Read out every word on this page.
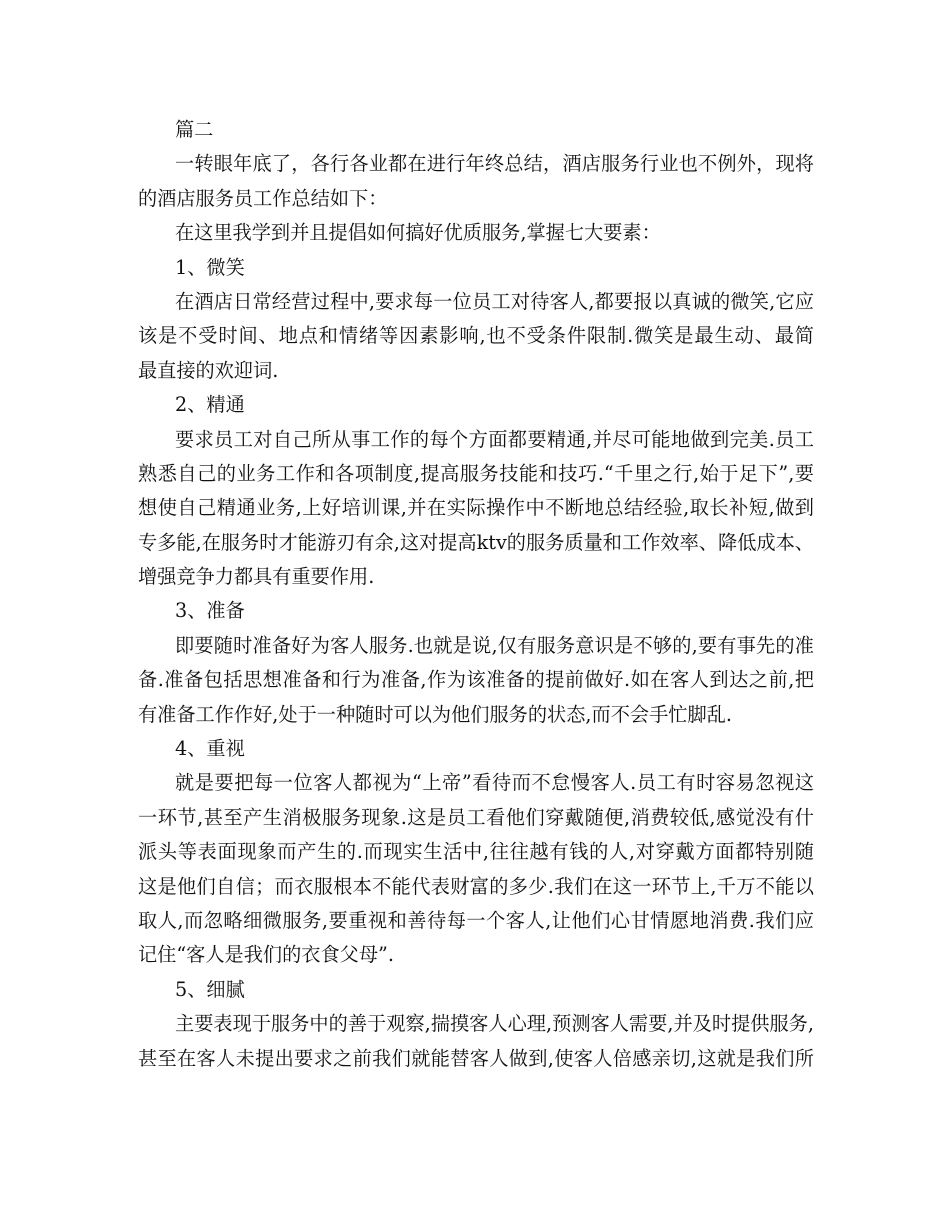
篇二
一转眼年底了，各行各业都在进行年终总结，酒店服务行业也不例外，现将
的酒店服务员工作总结如下：
在这里我学到并且提倡如何搞好优质服务,掌握七大要素：
1、微笑
在酒店日常经营过程中,要求每一位员工对待客人,都要报以真诚的微笑,它应
该是不受时间、地点和情绪等因素影响,也不受条件限制.微笑是最生动、最简
最直接的欢迎词.
2、精通
要求员工对自己所从事工作的每个方面都要精通,并尽可能地做到完美.员工
熟悉自己的业务工作和各项制度,提高服务技能和技巧.“千里之行,始于足下”,要
想使自己精通业务,上好培训课,并在实际操作中不断地总结经验,取长补短,做到
专多能,在服务时才能游刃有余,这对提高ktv的服务质量和工作效率、降低成本、
增强竞争力都具有重要作用.
3、准备
即要随时准备好为客人服务.也就是说,仅有服务意识是不够的,要有事先的准
备.准备包括思想准备和行为准备,作为该准备的提前做好.如在客人到达之前,把
有准备工作作好,处于一种随时可以为他们服务的状态,而不会手忙脚乱.
4、重视
就是要把每一位客人都视为“上帝”看待而不怠慢客人.员工有时容易忽视这
一环节,甚至产生消极服务现象.这是员工看他们穿戴随便,消费较低,感觉没有什
派头等表面现象而产生的.而现实生活中,往往越有钱的人,对穿戴方面都特别随
这是他们自信；而衣服根本不能代表财富的多少.我们在这一环节上,千万不能以
取人,而忽略细微服务,要重视和善待每一个客人,让他们心甘情愿地消费.我们应
记住“客人是我们的衣食父母”.
5、细腻
主要表现于服务中的善于观察,揣摸客人心理,预测客人需要,并及时提供服务,
甚至在客人未提出要求之前我们就能替客人做到,使客人倍感亲切,这就是我们所
